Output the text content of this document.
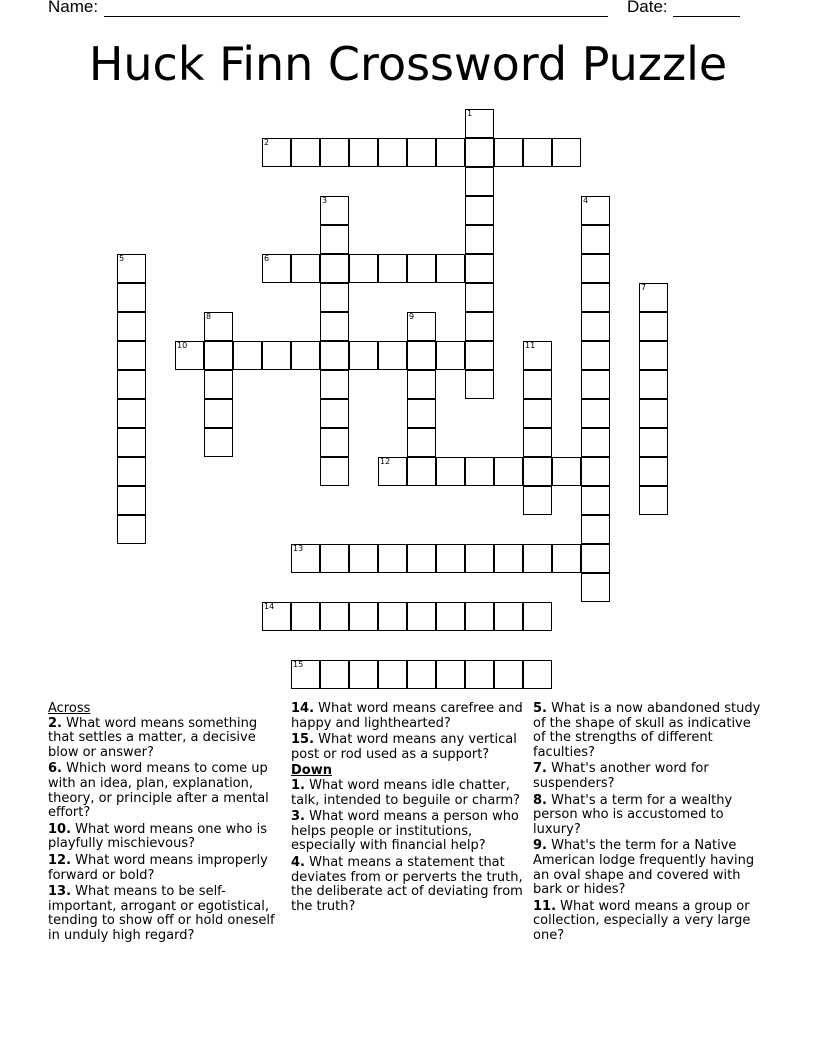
Name:	Date:
Huck Finn Crossword Puzzle
1
2
3	4
5	6
7
8	9
10	11
12
13
14
15
Across
2. What word means something that settles a matter, a decisive blow or answer?
6. Which word means to come up with an idea, plan, explanation, theory, or principle after a mental effort?
10. What word means one who is playfully mischievous?
12. What word means improperly forward or bold?
13. What means to be self-important, arrogant or egotistical, tending to show off or hold oneself in unduly high regard?
14. What word means carefree and happy and lighthearted?
15. What word means any vertical post or rod used as a support?
Down
1. What word means idle chatter, talk, intended to beguile or charm?
3. What word means a person who helps people or institutions, especially with financial help?
4. What means a statement that deviates from or perverts the truth, the deliberate act of deviating from the truth?
5. What is a now abandoned study of the shape of skull as indicative of the strengths of different faculties?
7. What's another word for suspenders?
8. What's a term for a wealthy person who is accustomed to luxury?
9. What's the term for a Native American lodge frequently having an oval shape and covered with bark or hides?
11. What word means a group or collection, especially a very large one?
